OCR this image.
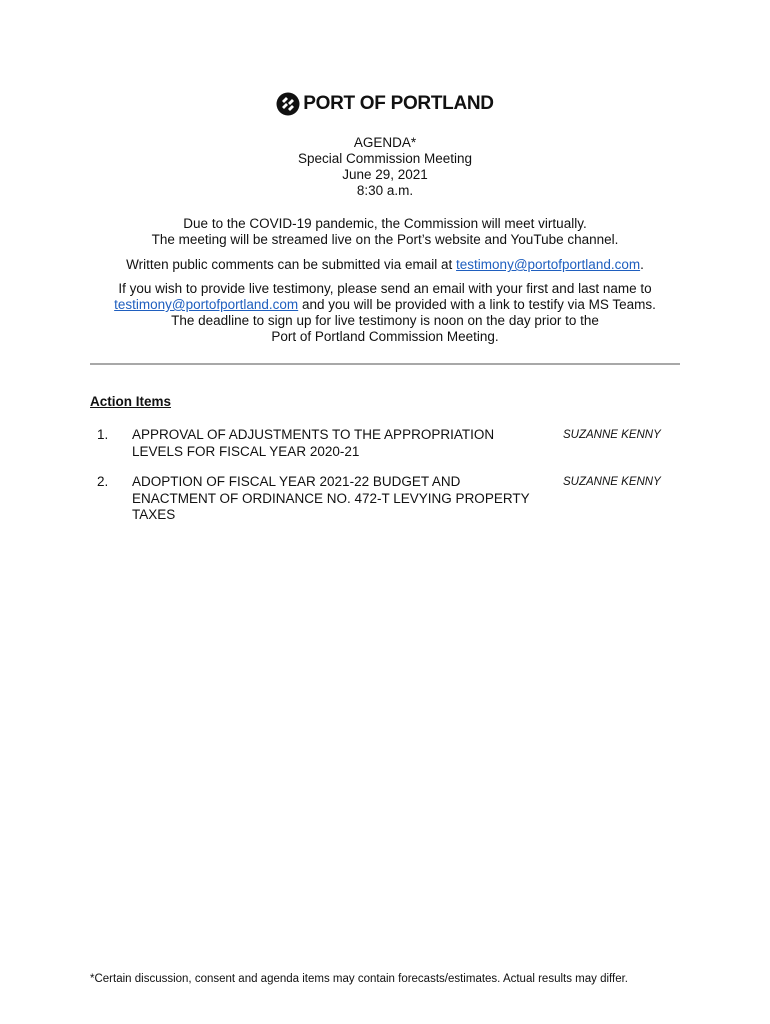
PORT OF PORTLAND
AGENDA*
Special Commission Meeting
June 29, 2021
8:30 a.m.
Due to the COVID-19 pandemic, the Commission will meet virtually.
The meeting will be streamed live on the Port’s website and YouTube channel.
Written public comments can be submitted via email at testimony@portofportland.com.
If you wish to provide live testimony, please send an email with your first and last name to
testimony@portofportland.com and you will be provided with a link to testify via MS Teams.
The deadline to sign up for live testimony is noon on the day prior to the
Port of Portland Commission Meeting.
Action Items
1. APPROVAL OF ADJUSTMENTS TO THE APPROPRIATION
LEVELS FOR FISCAL YEAR 2020-21
SUZANNE KENNY
2. ADOPTION OF FISCAL YEAR 2021-22 BUDGET AND
ENACTMENT OF ORDINANCE NO. 472-T LEVYING PROPERTY
TAXES
SUZANNE KENNY
*Certain discussion, consent and agenda items may contain forecasts/estimates. Actual results may differ.
